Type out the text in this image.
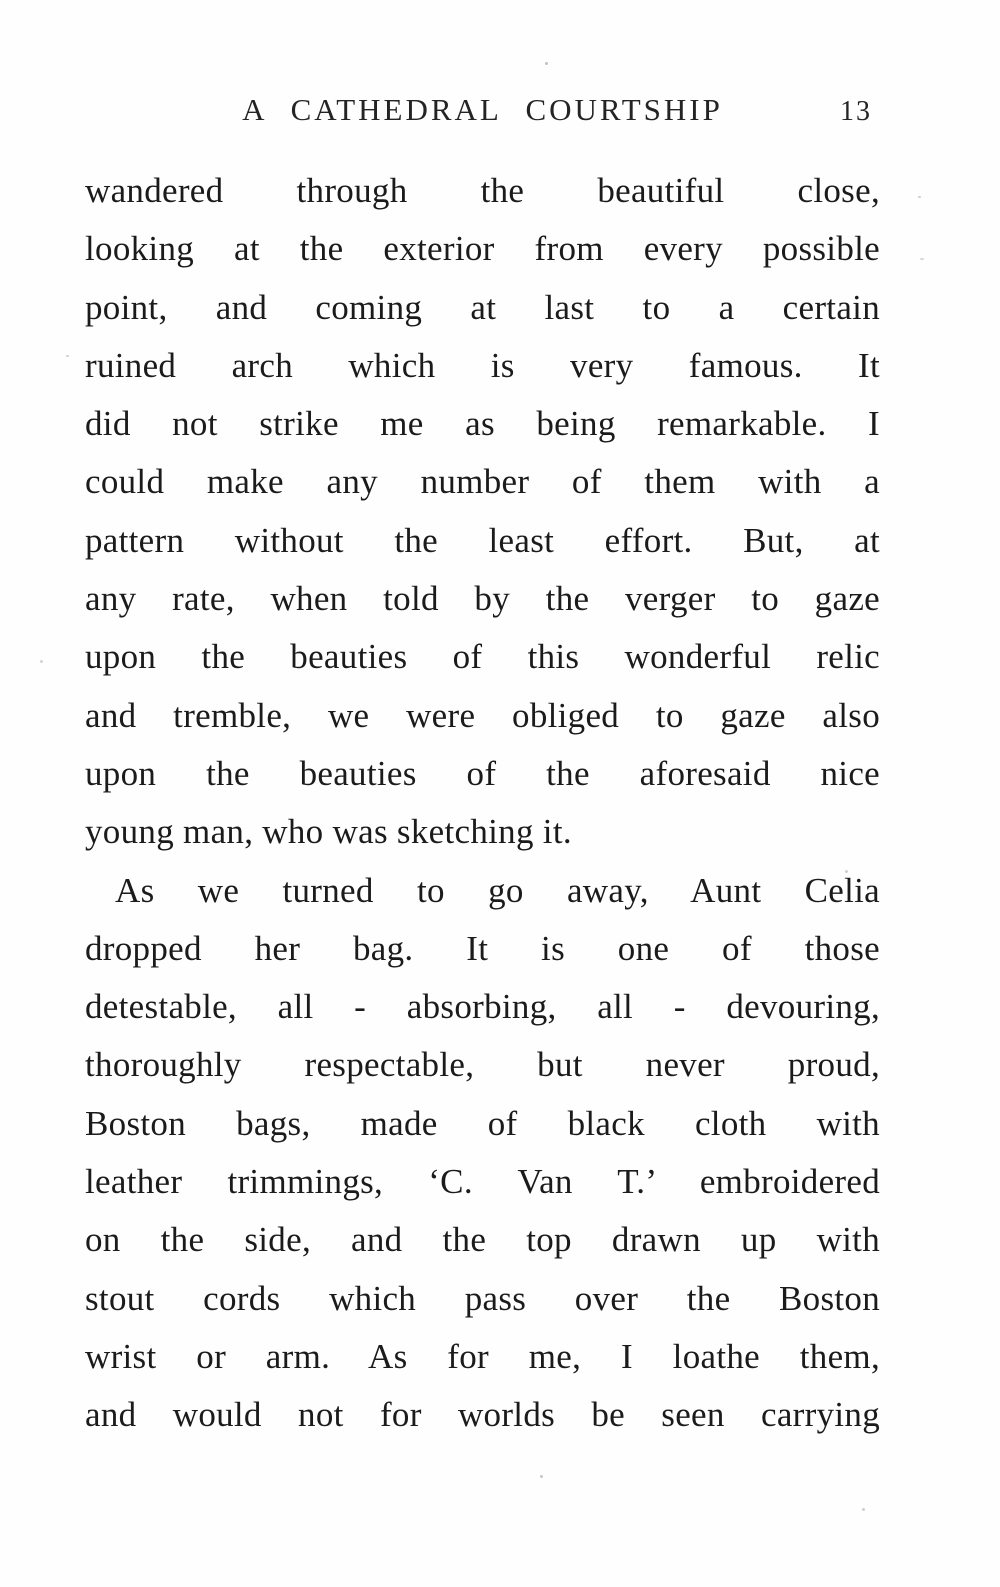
A CATHEDRAL COURTSHIP	13
wandered through the beautiful close,
looking at the exterior from every possible
point, and coming at last to a certain
ruined arch which is very famous. It
did not strike me as being remarkable. I
could make any number of them with a
pattern without the least effort. But, at
any rate, when told by the verger to gaze
upon the beauties of this wonderful relic
and tremble, we were obliged to gaze also
upon the beauties of the aforesaid nice
young man, who was sketching it.
As we turned to go away, Aunt Celia
dropped her bag. It is one of those
detestable, all - absorbing, all - devouring,
thoroughly respectable, but never proud,
Boston bags, made of black cloth with
leather trimmings, ‘C. Van T.’ embroidered
on the side, and the top drawn up with
stout cords which pass over the Boston
wrist or arm. As for me, I loathe them,
and would not for worlds be seen carrying
